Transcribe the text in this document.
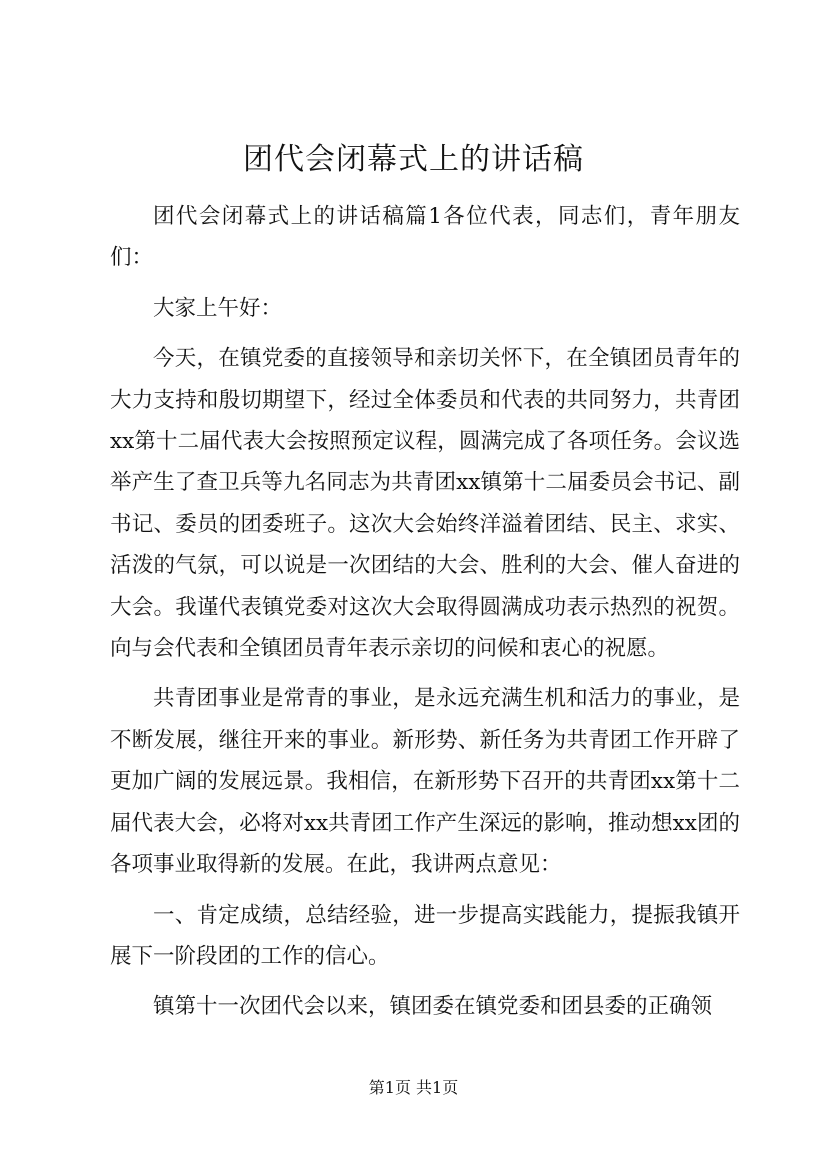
团代会闭幕式上的讲话稿

团代会闭幕式上的讲话稿篇1各位代表，同志们，青年朋友们：

大家上午好：

今天，在镇党委的直接领导和亲切关怀下，在全镇团员青年的大力支持和殷切期望下，经过全体委员和代表的共同努力，共青团xx第十二届代表大会按照预定议程，圆满完成了各项任务。会议选举产生了查卫兵等九名同志为共青团xx镇第十二届委员会书记、副书记、委员的团委班子。这次大会始终洋溢着团结、民主、求实、活泼的气氛，可以说是一次团结的大会、胜利的大会、催人奋进的大会。我谨代表镇党委对这次大会取得圆满成功表示热烈的祝贺。向与会代表和全镇团员青年表示亲切的问候和衷心的祝愿。

共青团事业是常青的事业，是永远充满生机和活力的事业，是不断发展，继往开来的事业。新形势、新任务为共青团工作开辟了更加广阔的发展远景。我相信，在新形势下召开的共青团xx第十二届代表大会，必将对xx共青团工作产生深远的影响，推动想xx团的各项事业取得新的发展。在此，我讲两点意见：

一、肯定成绩，总结经验，进一步提高实践能力，提振我镇开展下一阶段团的工作的信心。

镇第十一次团代会以来，镇团委在镇党委和团县委的正确领

第1页 共1页
